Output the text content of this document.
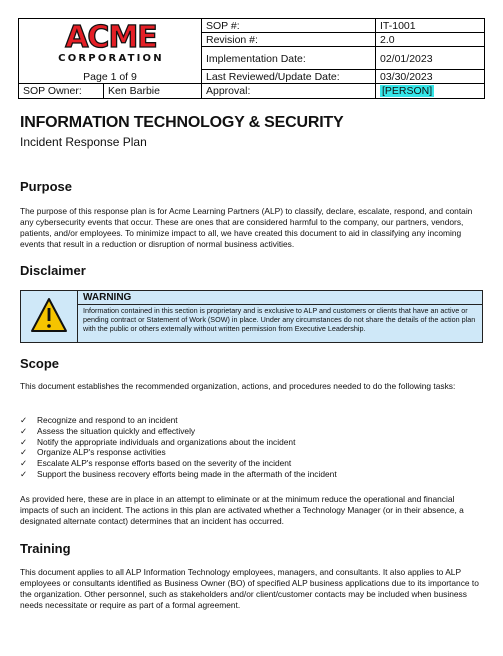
ACME
CORPORATION
SOP #:	IT-1001
Revision #:	2.0
Implementation Date:	02/01/2023
Page 1 of 9	Last Reviewed/Update Date:	03/30/2023
SOP Owner:	Ken Barbie	Approval:	[PERSON]
INFORMATION TECHNOLOGY & SECURITY
Incident Response Plan
Purpose
The purpose of this response plan is for Acme Learning Partners (ALP) to classify, declare, escalate, respond, and contain any cybersecurity events that occur. These are ones that are considered harmful to the company, our partners, vendors, patients, and/or employees. To minimize impact to all, we have created this document to aid in classifying any incoming events that result in a reduction or disruption of normal business activities.
Disclaimer
WARNING
Information contained in this section is proprietary and is exclusive to ALP and customers or clients that have an active or pending contract or Statement of Work (SOW) in place. Under any circumstances do not share the details of the action plan with the public or others externally without written permission from Executive Leadership.
Scope
This document establishes the recommended organization, actions, and procedures needed to do the following tasks:
✓ Recognize and respond to an incident
✓ Assess the situation quickly and effectively
✓ Notify the appropriate individuals and organizations about the incident
✓ Organize ALP's response activities
✓ Escalate ALP's response efforts based on the severity of the incident
✓ Support the business recovery efforts being made in the aftermath of the incident
As provided here, these are in place in an attempt to eliminate or at the minimum reduce the operational and financial impacts of such an incident. The actions in this plan are activated whether a Technology Manager (or in their absence, a designated alternate contact) determines that an incident has occurred.
Training
This document applies to all ALP Information Technology employees, managers, and consultants. It also applies to ALP employees or consultants identified as Business Owner (BO) of specified ALP business applications due to its importance to the organization. Other personnel, such as stakeholders and/or client/customer contacts may be included when business needs necessitate or require as part of a formal agreement.
